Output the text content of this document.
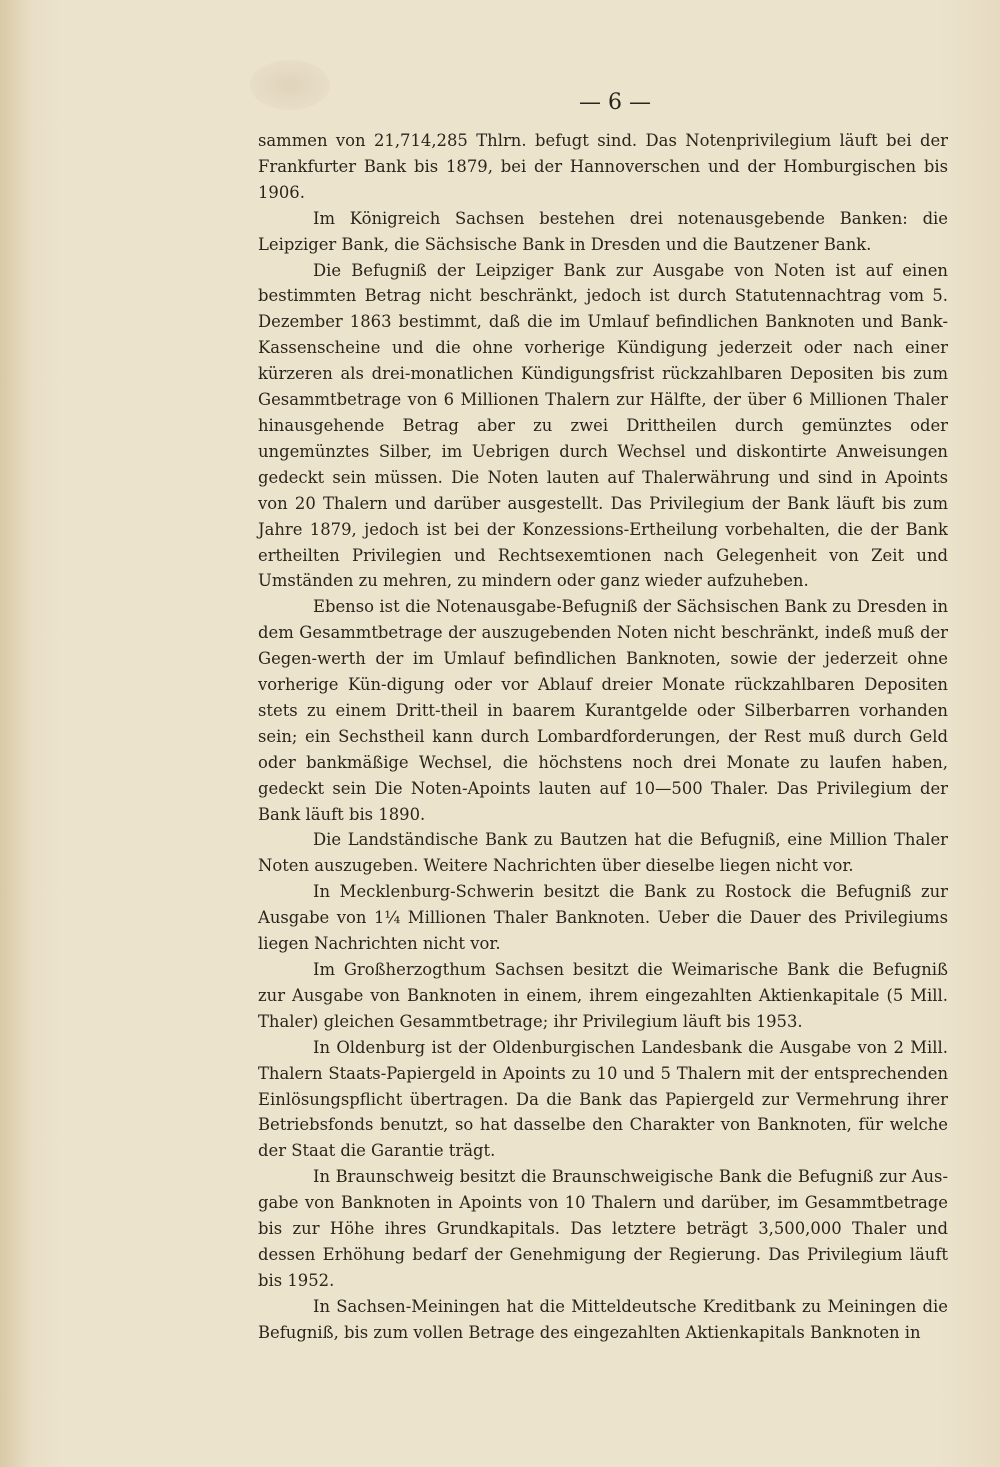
— 6 —

sammen von 21,714,285 Thlrn. befugt sind. Das Notenprivilegium läuft bei der Frankfurter Bank bis 1879, bei der Hannoverschen und der Homburgischen bis 1906.

Im Königreich Sachsen bestehen drei notenausgebende Banken: die Leipziger Bank, die Sächsische Bank in Dresden und die Bautzener Bank.

Die Befugniß der Leipziger Bank zur Ausgabe von Noten ist auf einen bestimmten Betrag nicht beschränkt, jedoch ist durch Statutennachtrag vom 5. Dezember 1863 bestimmt, daß die im Umlauf befindlichen Banknoten und Bank-Kassenscheine und die ohne vorherige Kündigung jederzeit oder nach einer kürzeren als drei-monatlichen Kündigungsfrist rückzahlbaren Depositen bis zum Gesammtbetrage von 6 Millionen Thalern zur Hälfte, der über 6 Millionen Thaler hinausgehende Betrag aber zu zwei Drittheilen durch gemünztes oder ungemünztes Silber, im Uebrigen durch Wechsel und diskontirte Anweisungen gedeckt sein müssen. Die Noten lauten auf Thalerwährung und sind in Apoints von 20 Thalern und darüber ausgestellt. Das Privilegium der Bank läuft bis zum Jahre 1879, jedoch ist bei der Konzessions-Ertheilung vorbehalten, die der Bank ertheilten Privilegien und Rechtsexemtionen nach Gelegenheit von Zeit und Umständen zu mehren, zu mindern oder ganz wieder aufzuheben.

Ebenso ist die Notenausgabe-Befugniß der Sächsischen Bank zu Dresden in dem Gesammtbetrage der auszugebenden Noten nicht beschränkt, indeß muß der Gegen-werth der im Umlauf befindlichen Banknoten, sowie der jederzeit ohne vorherige Kün-digung oder vor Ablauf dreier Monate rückzahlbaren Depositen stets zu einem Dritt-theil in baarem Kurantgelde oder Silberbarren vorhanden sein; ein Sechstheil kann durch Lombardforderungen, der Rest muß durch Geld oder bankmäßige Wechsel, die höchstens noch drei Monate zu laufen haben, gedeckt sein Die Noten-Apoints lauten auf 10—500 Thaler. Das Privilegium der Bank läuft bis 1890.

Die Landständische Bank zu Bautzen hat die Befugniß, eine Million Thaler Noten auszugeben. Weitere Nachrichten über dieselbe liegen nicht vor.

In Mecklenburg-Schwerin besitzt die Bank zu Rostock die Befugniß zur Ausgabe von 1¼ Millionen Thaler Banknoten. Ueber die Dauer des Privilegiums liegen Nachrichten nicht vor.

Im Großherzogthum Sachsen besitzt die Weimarische Bank die Befugniß zur Ausgabe von Banknoten in einem, ihrem eingezahlten Aktienkapitale (5 Mill. Thaler) gleichen Gesammtbetrage; ihr Privilegium läuft bis 1953.

In Oldenburg ist der Oldenburgischen Landesbank die Ausgabe von 2 Mill. Thalern Staats-Papiergeld in Apoints zu 10 und 5 Thalern mit der entsprechenden Einlösungspflicht übertragen. Da die Bank das Papiergeld zur Vermehrung ihrer Betriebsfonds benutzt, so hat dasselbe den Charakter von Banknoten, für welche der Staat die Garantie trägt.

In Braunschweig besitzt die Braunschweigische Bank die Befugniß zur Aus-gabe von Banknoten in Apoints von 10 Thalern und darüber, im Gesammtbetrage bis zur Höhe ihres Grundkapitals. Das letztere beträgt 3,500,000 Thaler und dessen Erhöhung bedarf der Genehmigung der Regierung. Das Privilegium läuft bis 1952.

In Sachsen-Meiningen hat die Mitteldeutsche Kreditbank zu Meiningen die Befugniß, bis zum vollen Betrage des eingezahlten Aktienkapitals Banknoten in
